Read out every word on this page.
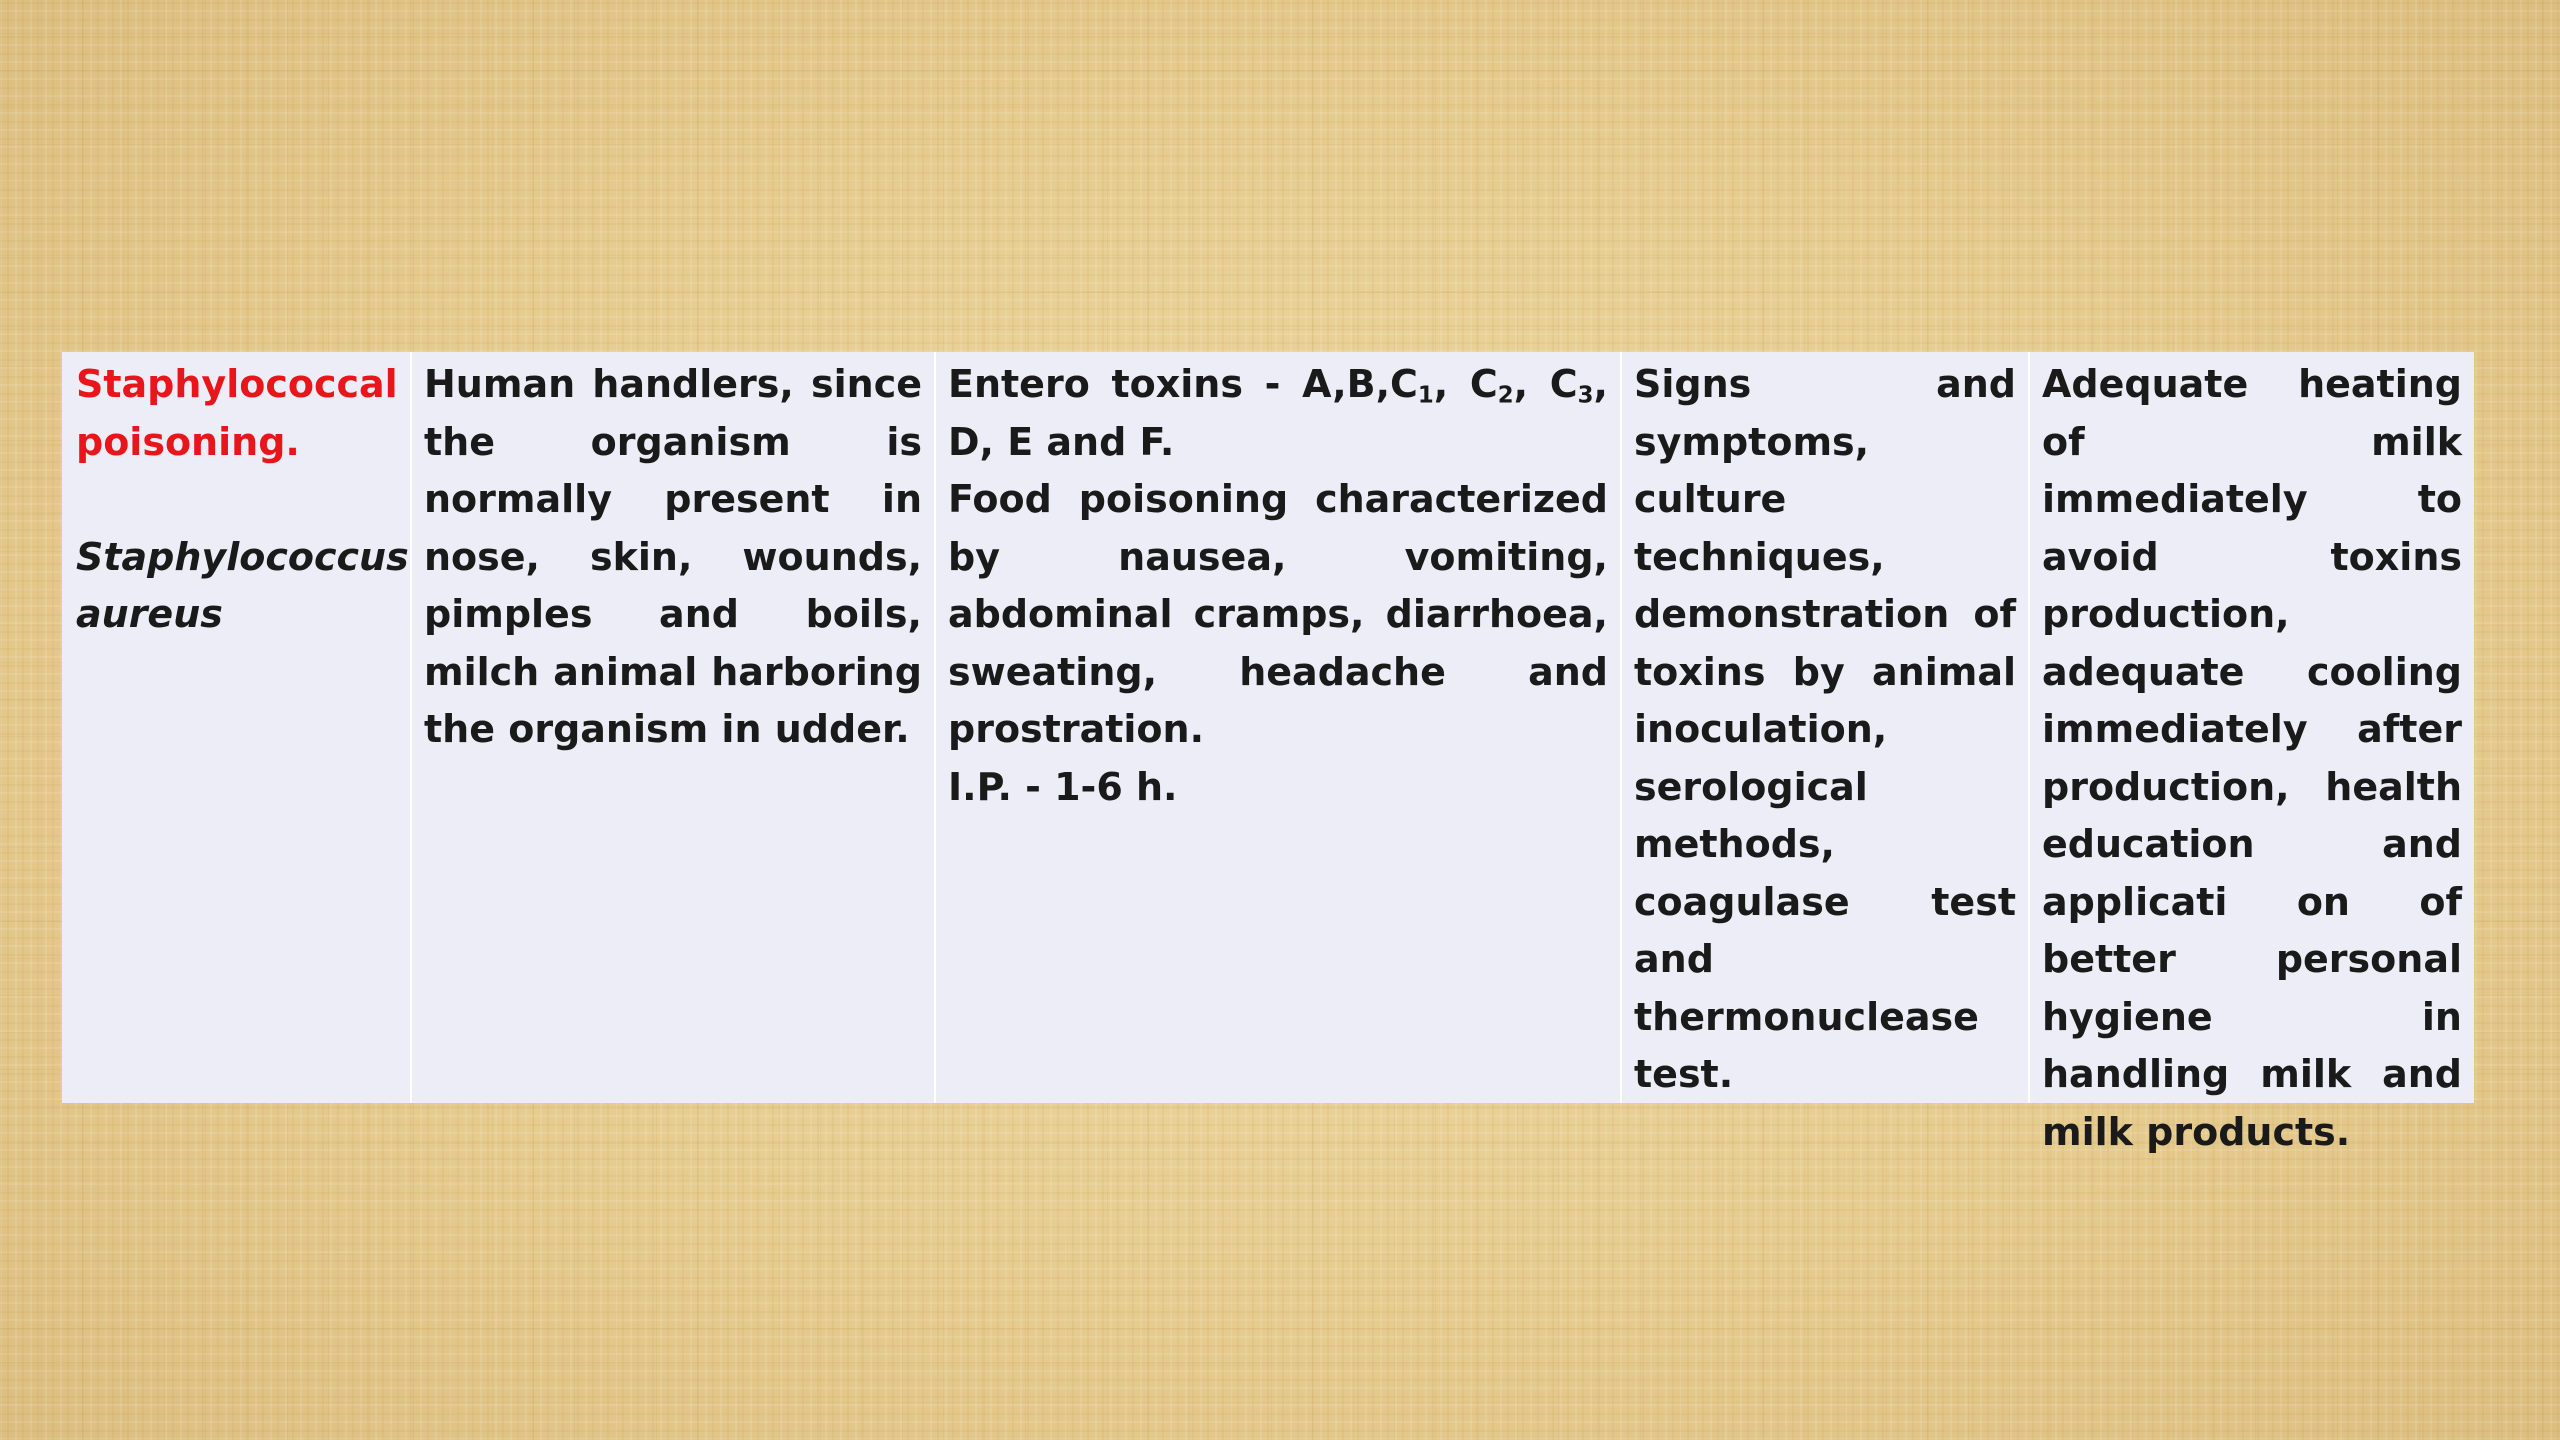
Staphylococcal poisoning.
Staphylococcus aureus
Human handlers, since the organism is normally present in nose, skin, wounds, pimples and boils, milch animal harboring the organism in udder.
Entero toxins - $A,B,C_1$, $C_2$, $C_3$, D, E and F.
Food poisoning characterized by nausea, vomiting, abdominal cramps, diarrhoea, sweating, headache and prostration.
I.P. - 1-6 h.
Signs and symptoms, culture techniques, demonstration of toxins by animal inoculation, serological methods, coagulase test and thermonuclease test.
Adequate heating of milk immediately to avoid toxins production, adequate cooling immediately after production, health education and applicati on of better personal hygiene in handling milk and milk products.
